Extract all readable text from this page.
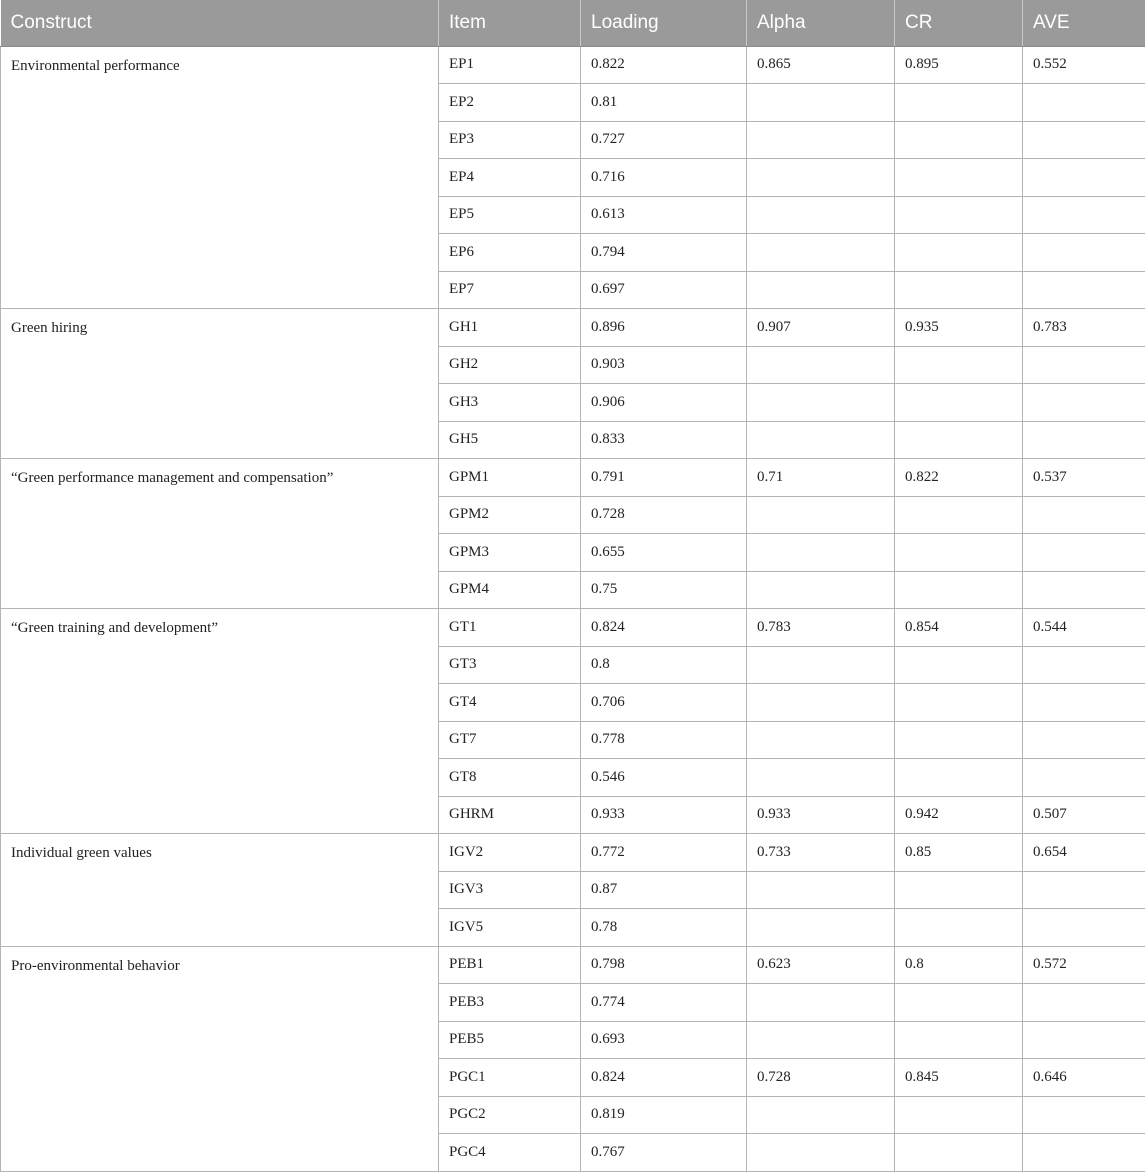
Construct	Item	Loading	Alpha	CR	AVE
Environmental performance	EP1	0.822	0.865	0.895	0.552
	EP2	0.81			
	EP3	0.727			
	EP4	0.716			
	EP5	0.613			
	EP6	0.794			
	EP7	0.697			
Green hiring	GH1	0.896	0.907	0.935	0.783
	GH2	0.903			
	GH3	0.906			
	GH5	0.833			
“Green performance management and compensation”	GPM1	0.791	0.71	0.822	0.537
	GPM2	0.728			
	GPM3	0.655			
	GPM4	0.75			
“Green training and development”	GT1	0.824	0.783	0.854	0.544
	GT3	0.8			
	GT4	0.706			
	GT7	0.778			
	GT8	0.546			
	GHRM	0.933	0.933	0.942	0.507
Individual green values	IGV2	0.772	0.733	0.85	0.654
	IGV3	0.87			
	IGV5	0.78			
Pro-environmental behavior	PEB1	0.798	0.623	0.8	0.572
	PEB3	0.774			
	PEB5	0.693			
	PGC1	0.824	0.728	0.845	0.646
	PGC2	0.819			
	PGC4	0.767			
